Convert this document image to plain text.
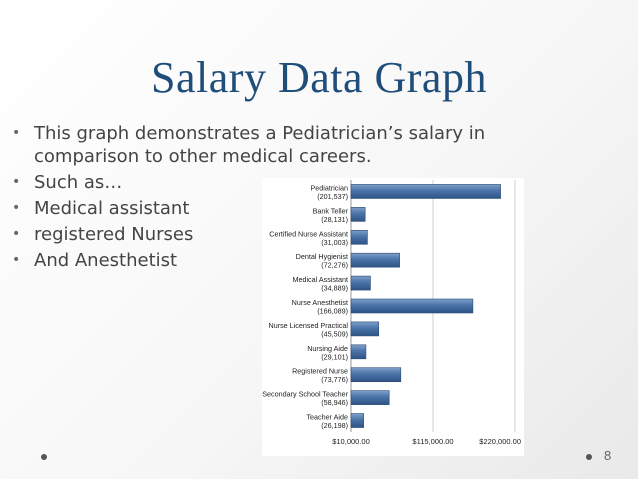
Salary Data Graph
• This graph demonstrates a Pediatrician’s salary in comparison to other medical careers.
• Such as…
• Medical assistant
• registered Nurses
• And Anesthetist
Pediatrician
(201,537)
Bank Teller
(28,131)
Certified Nurse Assistant
(31,003)
Dental Hygienist
(72,276)
Medical Assistant
(34,889)
Nurse Anesthetist
(166,089)
Nurse Licensed Practical
(45,509)
Nursing Aide
(29,101)
Registered Nurse
(73,776)
Secondary School Teacher
(58,946)
Teacher Aide
(26,198)
$10,000.00	$115,000.00	$220,000.00
8
